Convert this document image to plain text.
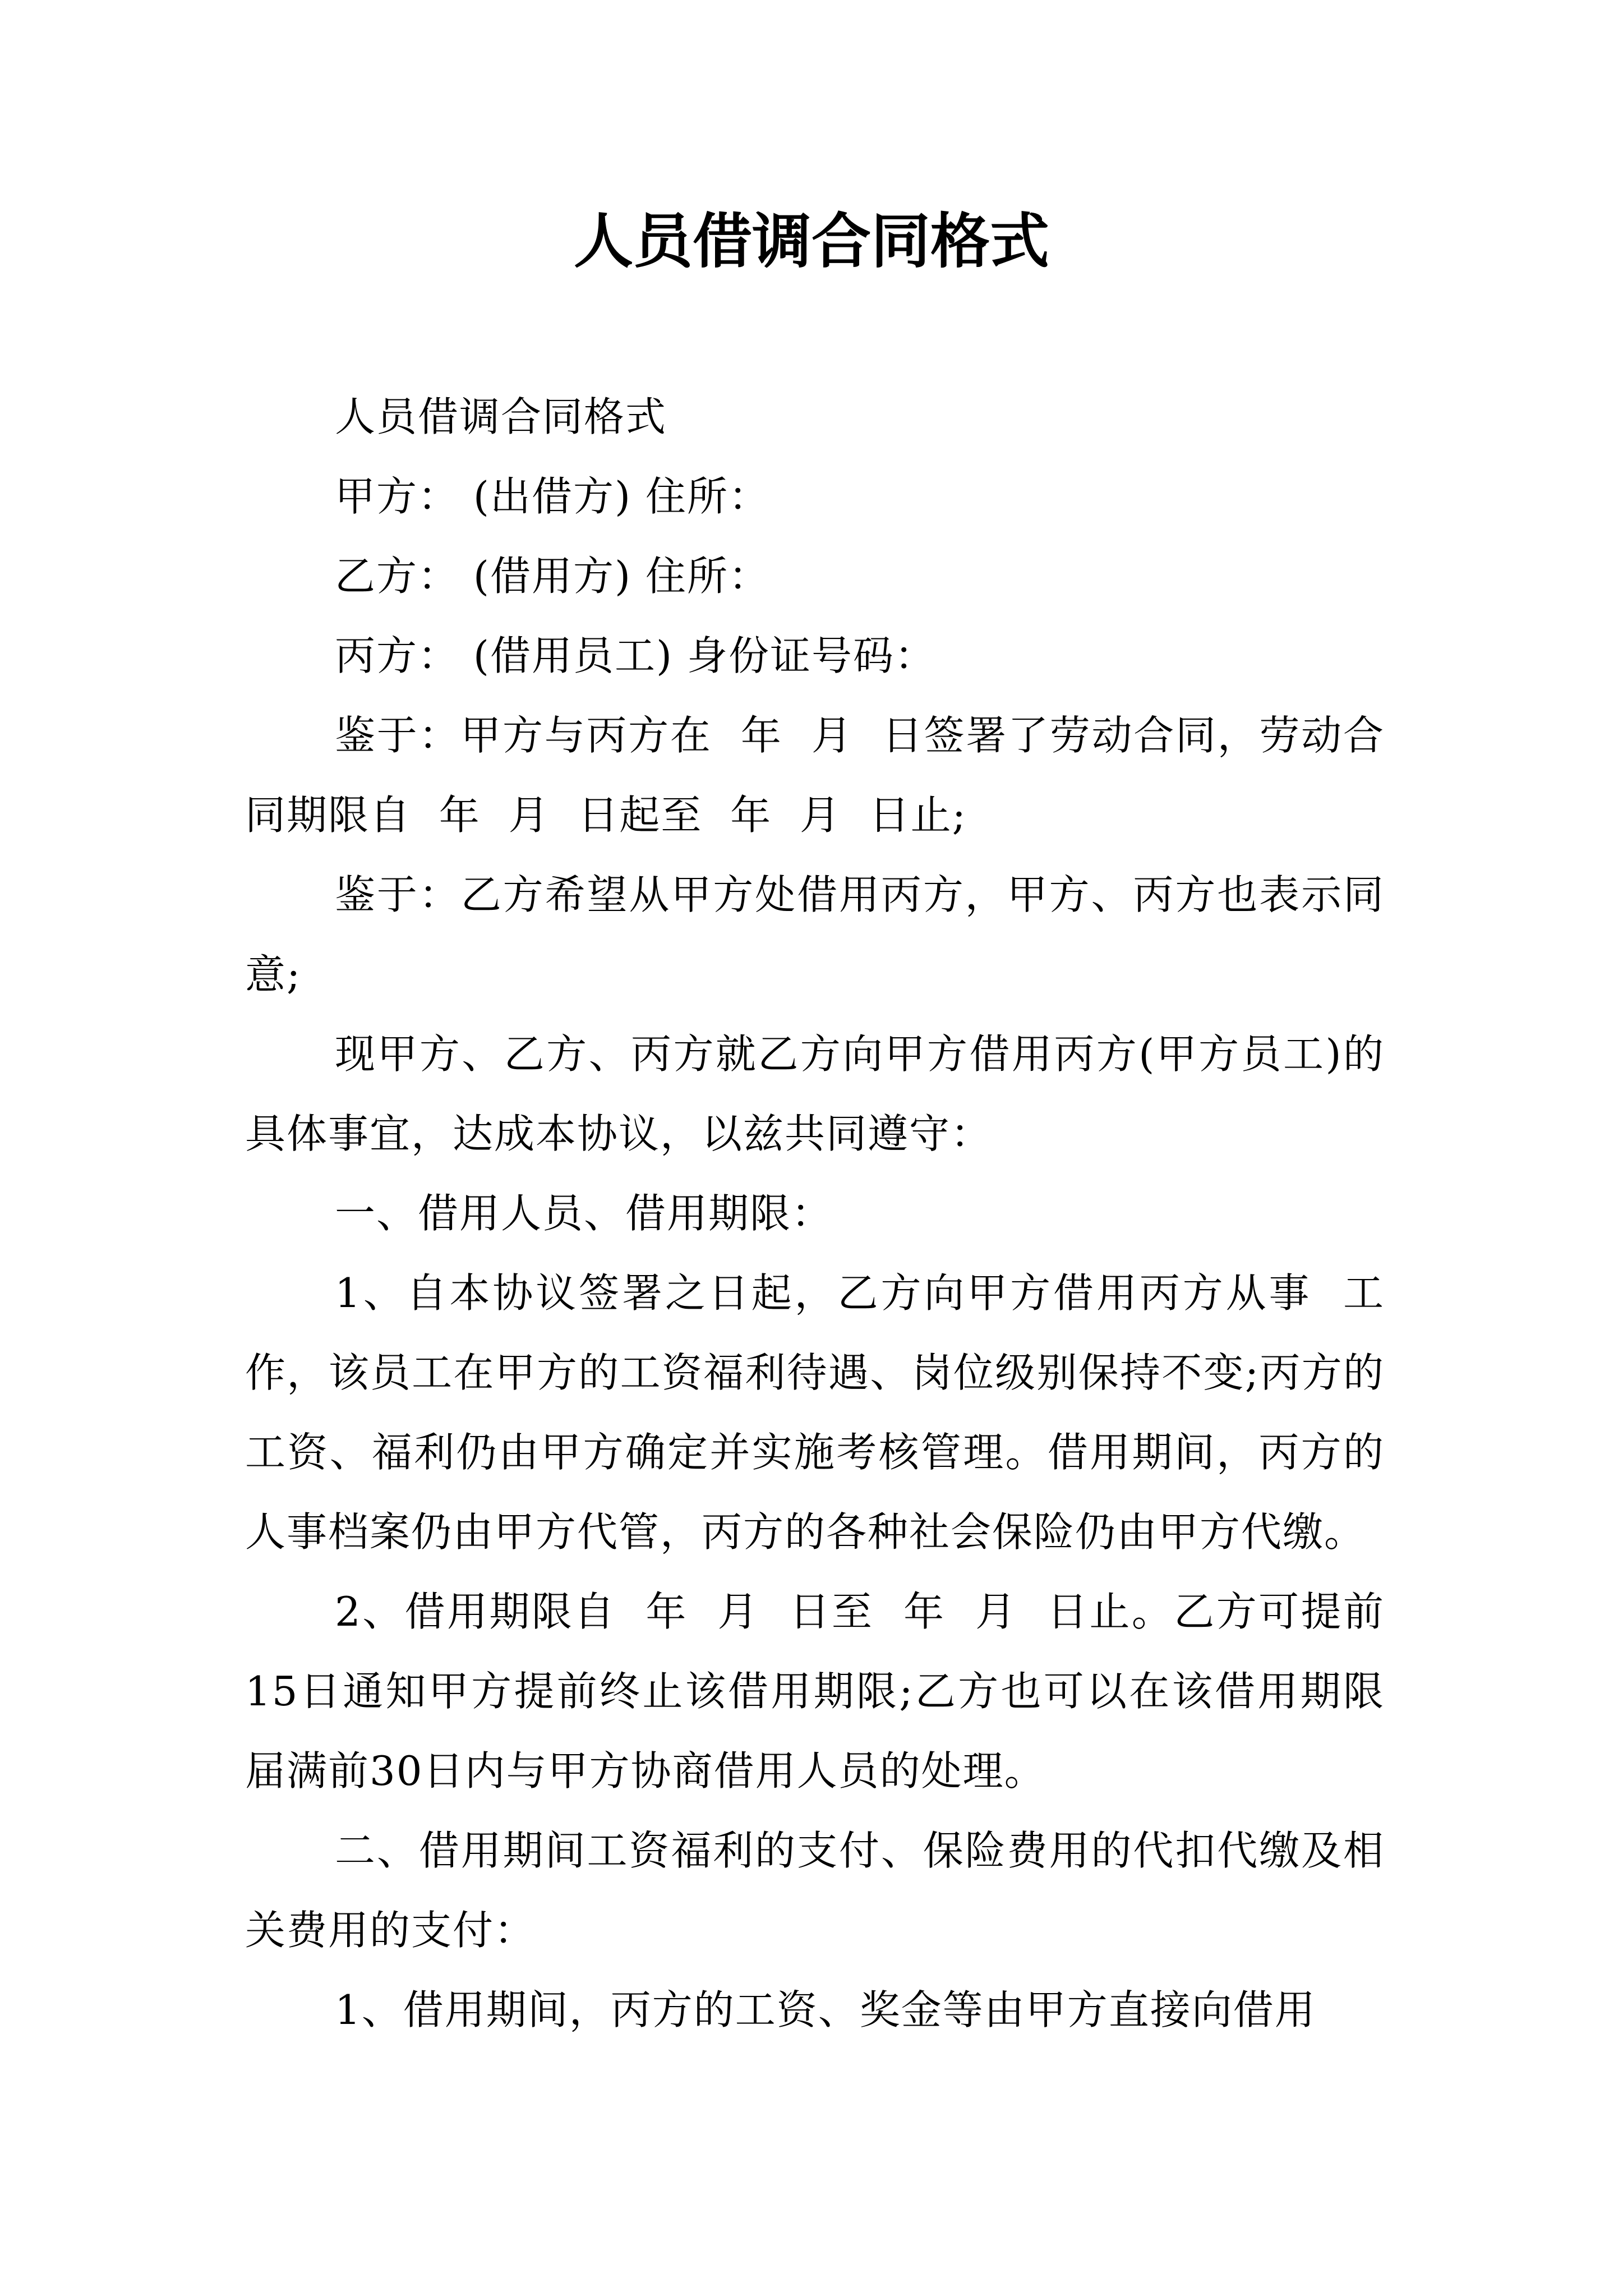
人员借调合同格式

人员借调合同格式

甲方： (出借方) 住所：

乙方： (借用方) 住所：

丙方： (借用员工) 身份证号码：

鉴于：甲方与丙方在  年  月  日签署了劳动合同，劳动合同期限自  年  月  日起至  年  月  日止;

鉴于：乙方希望从甲方处借用丙方，甲方、丙方也表示同意;

现甲方、乙方、丙方就乙方向甲方借用丙方(甲方员工)的具体事宜，达成本协议，以兹共同遵守：

一、借用人员、借用期限：

1、自本协议签署之日起，乙方向甲方借用丙方从事  工作，该员工在甲方的工资福利待遇、岗位级别保持不变;丙方的工资、福利仍由甲方确定并实施考核管理。借用期间，丙方的人事档案仍由甲方代管，丙方的各种社会保险仍由甲方代缴。

2、借用期限自  年  月  日至  年  月  日止。乙方可提前15日通知甲方提前终止该借用期限;乙方也可以在该借用期限届满前30日内与甲方协商借用人员的处理。

二、借用期间工资福利的支付、保险费用的代扣代缴及相关费用的支付：

1、借用期间，丙方的工资、奖金等由甲方直接向借用
